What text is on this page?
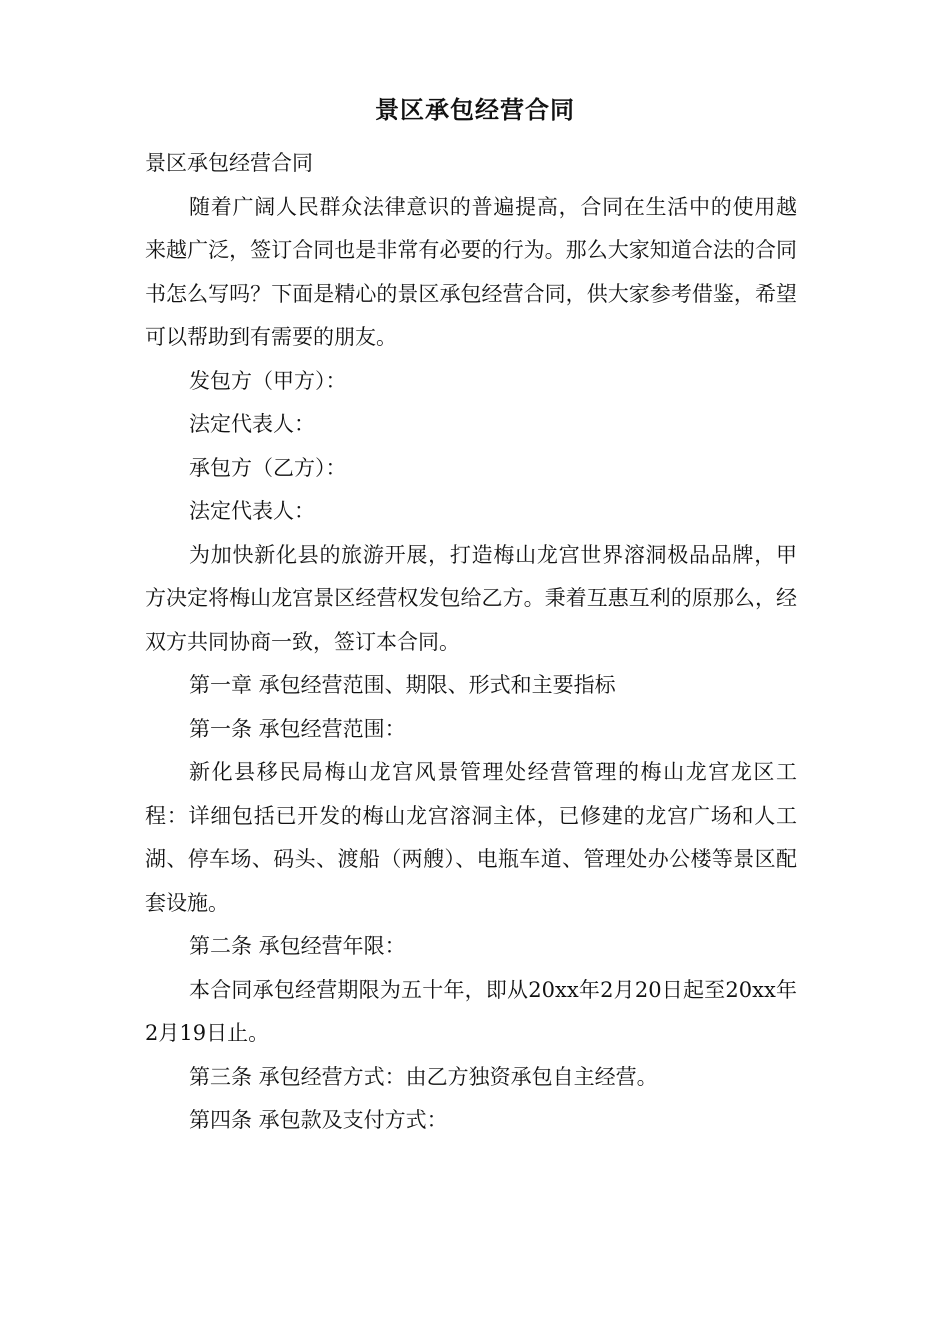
景区承包经营合同

景区承包经营合同

随着广阔人民群众法律意识的普遍提高，合同在生活中的使用越来越广泛，签订合同也是非常有必要的行为。那么大家知道合法的合同书怎么写吗？下面是精心的景区承包经营合同，供大家参考借鉴，希望可以帮助到有需要的朋友。

发包方（甲方）：

法定代表人：

承包方（乙方）：

法定代表人：

为加快新化县的旅游开展，打造梅山龙宫世界溶洞极品品牌，甲方决定将梅山龙宫景区经营权发包给乙方。秉着互惠互利的原那么，经双方共同协商一致，签订本合同。

第一章 承包经营范围、期限、形式和主要指标

第一条 承包经营范围：

新化县移民局梅山龙宫风景管理处经营管理的梅山龙宫龙区工程：详细包括已开发的梅山龙宫溶洞主体，已修建的龙宫广场和人工湖、停车场、码头、渡船（两艘）、电瓶车道、管理处办公楼等景区配套设施。

第二条 承包经营年限：

本合同承包经营期限为五十年，即从20xx年2月20日起至20xx年2月19日止。

第三条 承包经营方式：由乙方独资承包自主经营。

第四条 承包款及支付方式：
